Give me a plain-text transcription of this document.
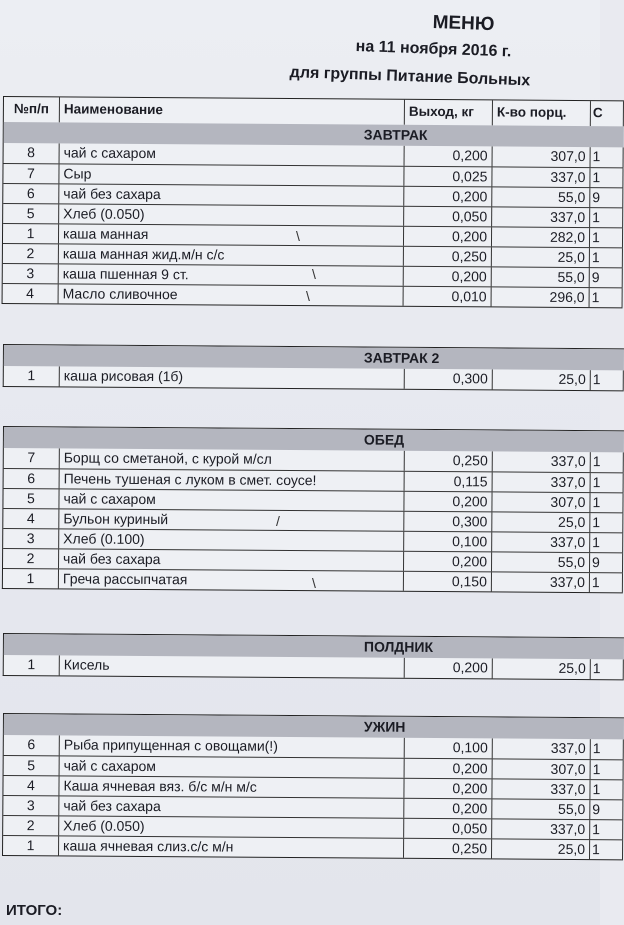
МЕНЮ
на 11 ноября 2016 г.
для группы Питание Больных
№п/п	Наименование	Выход, кг	К-во порц.	С
ЗАВТРАК
8	чай с сахаром	0,200	307,0 1
7	Сыр	0,025	337,0 1
6	чай без сахара	0,200	55,0 9
5	Хлеб (0.050)	0,050	337,0 1
1	каша манная	0,200	282,0 1
2	каша манная жид.м/н с/с	0,250	25,0 1
3	каша пшенная 9 ст.	0,200	55,0 9
4	Масло сливочное	0,010	296,0 1
ЗАВТРАК 2
1	каша рисовая (1б)	0,300	25,0 1
ОБЕД
7	Борщ со сметаной, с курой м/сл	0,250	337,0 1
6	Печень тушеная с луком в смет. соусе!	0,115	337,0 1
5	чай с сахаром	0,200	307,0 1
4	Бульон куриный	0,300	25,0 1
3	Хлеб (0.100)	0,100	337,0 1
2	чай без сахара	0,200	55,0 9
1	Греча рассыпчатая	0,150	337,0 1
ПОЛДНИК
1	Кисель	0,200	25,0 1
УЖИН
6	Рыба припущенная с овощами(!)	0,100	337,0 1
5	чай с сахаром	0,200	307,0 1
4	Каша ячневая вяз. б/с м/н м/с	0,200	337,0 1
3	чай без сахара	0,200	55,0 9
2	Хлеб (0.050)	0,050	337,0 1
1	каша ячневая слиз.с/с м/н	0,250	25,0 1
\
\
\
/
\
ИТОГО:
